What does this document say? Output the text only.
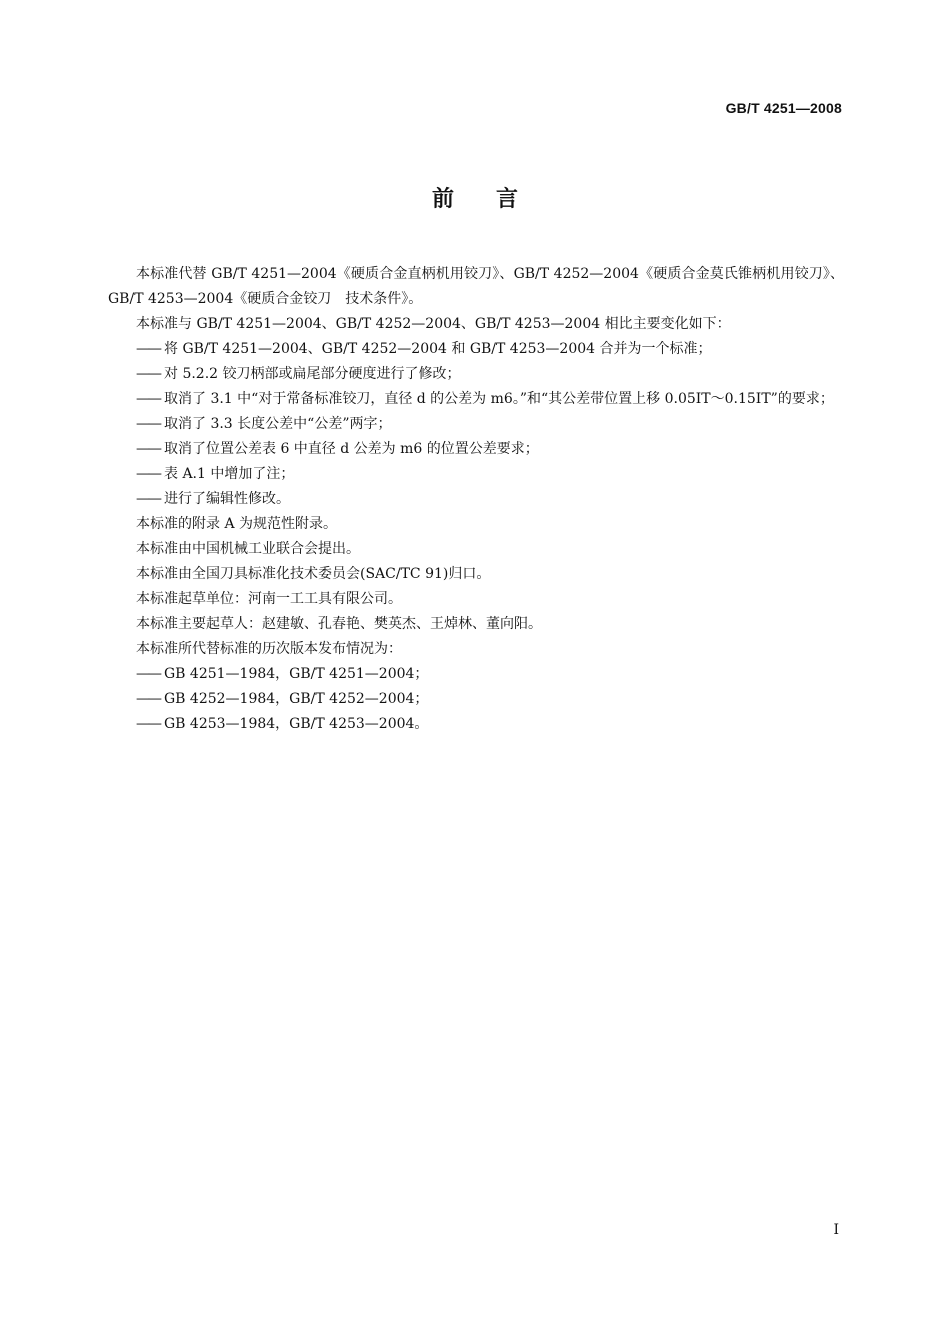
GB/T 4251—2008
前言

本标准代替 GB/T 4251—2004《硬质合金直柄机用铰刀》、GB/T 4252—2004《硬质合金莫氏锥柄机用铰刀》、GB/T 4253—2004《硬质合金铰刀　技术条件》。

本标准与 GB/T 4251—2004、GB/T 4252—2004、GB/T 4253—2004 相比主要变化如下：

—— 将 GB/T 4251—2004、GB/T 4252—2004 和 GB/T 4253—2004 合并为一个标准；

—— 对 5.2.2 铰刀柄部或扁尾部分硬度进行了修改；

—— 取消了 3.1 中“对于常备标准铰刀，直径 d 的公差为 m6。”和“其公差带位置上移 0.05IT～0.15IT”的要求；

—— 取消了 3.3 长度公差中“公差”两字；

—— 取消了位置公差表 6 中直径 d 公差为 m6 的位置公差要求；

—— 表 A.1 中增加了注；

—— 进行了编辑性修改。

本标准的附录 A 为规范性附录。

本标准由中国机械工业联合会提出。

本标准由全国刀具标准化技术委员会(SAC/TC 91)归口。

本标准起草单位：河南一工工具有限公司。

本标准主要起草人：赵建敏、孔春艳、樊英杰、王焯林、董向阳。

本标准所代替标准的历次版本发布情况为：

—— GB 4251—1984，GB/T 4251—2004；

—— GB 4252—1984，GB/T 4252—2004；

—— GB 4253—1984，GB/T 4253—2004。

I
